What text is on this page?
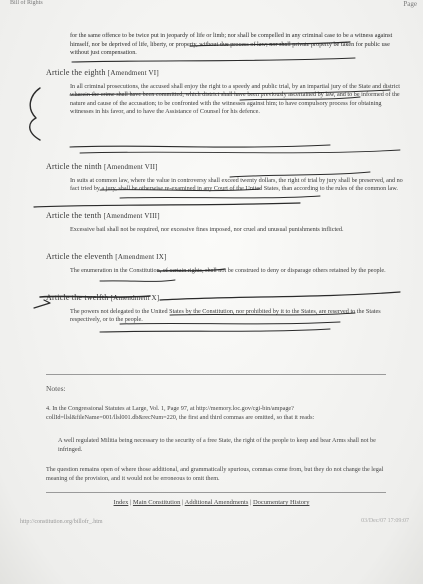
Bill of Rights	Page
for the same offence to be twice put in jeopardy of life or limb; nor shall be compelled in any criminal case to be a witness against himself, nor be deprived of life, liberty, or property, without due process of law; nor shall private property be taken for public use without just compensation.
Article the eighth [Amendment VI]

In all criminal prosecutions, the accused shall enjoy the right to a speedy and public trial, by an impartial jury of the State and district wherein the crime shall have been committed, which district shall have been previously ascertained by law, and to be informed of the nature and cause of the accusation; to be confronted with the witnesses against him; to have compulsory process for obtaining witnesses in his favor, and to have the Assistance of Counsel for his defence.

Article the ninth [Amendment VII]

In suits at common law, where the value in controversy shall exceed twenty dollars, the right of trial by jury shall be preserved, and no fact tried by a jury, shall be otherwise re-examined in any Court of the United States, than according to the rules of the common law.

Article the tenth [Amendment VIII]

Excessive bail shall not be required, nor excessive fines imposed, nor cruel and unusual punishments inflicted.

Article the eleventh [Amendment IX]

The enumeration in the Constitution, of certain rights, shall not be construed to deny or disparage others retained by the people.

Article the twelfth [Amendment X]

The powers not delegated to the United States by the Constitution, nor prohibited by it to the States, are reserved to the States respectively, or to the people.

Notes:
4. In the Congressional Statutes at Large, Vol. 1, Page 97, at http://memory.loc.gov/cgi-bin/ampage?collId=llsl&fileName=001/llsl001.db&recNum=220, the first and third commas are omitted, so that it reads:
A well regulated Militia being necessary to the security of a free State, the right of the people to keep and bear Arms shall not be infringed.
The question remains open of where those additional, and grammatically spurious, commas come from, but they do not change the legal meaning of the provision, and it would not be erroneous to omit them.
Index | Main Constitution | Additional Amendments | Documentary History
http://constitution.org/billofr_.htm	03/Dec/07 17:09:07
